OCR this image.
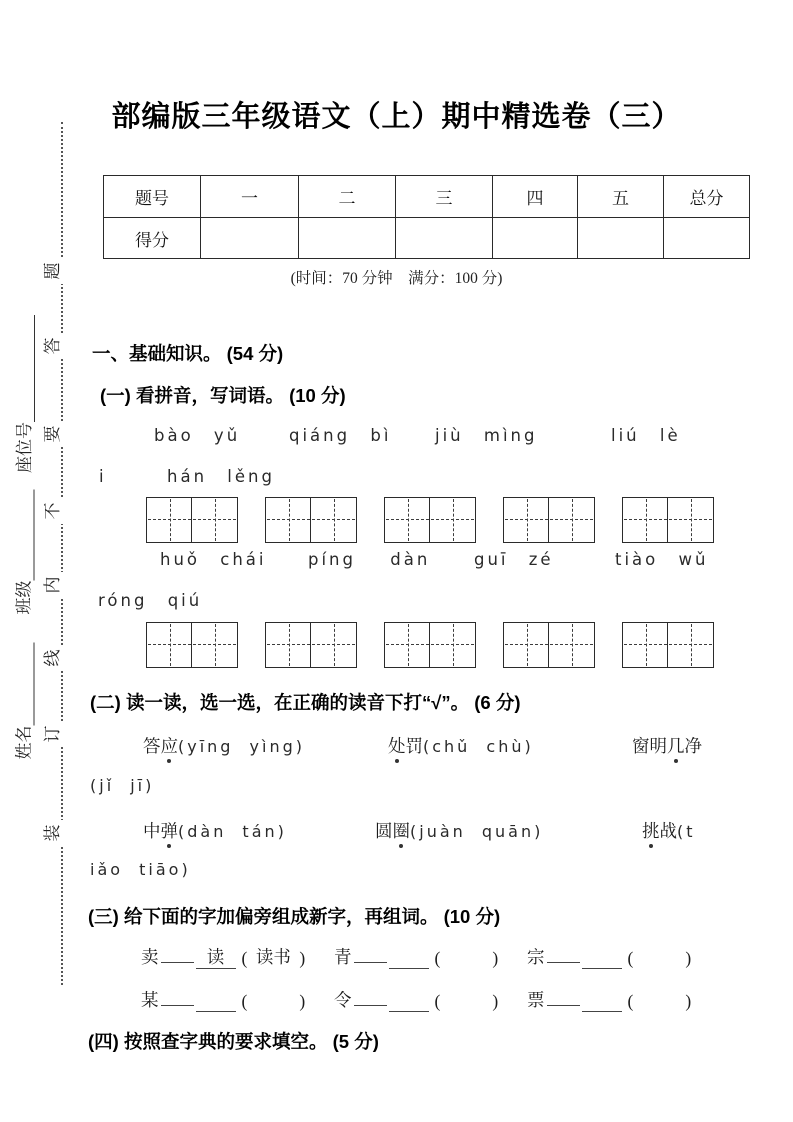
题
答
要
不
内
线
订
装
座位号
班级
姓名
部编版三年级语文（上）期中精选卷（三）
题号	一	二	三	四	五	总分
得分						
(时间：70 分钟　满分：100 分)
一、基础知识。 (54 分)
(一) 看拼音，写词语。 (10 分)
bào yǔ	qiáng bì	jiù mìng	liú lè
i	hán lěng
huǒ chái	píng dàn	guī zé	tiào wǔ
róng qiú
(二) 读一读，选一选，在正确的读音下打“√”。 (6 分)
答应(yīng yìng)	处罚(chǔ chù)	窗明几净
(jǐ jī)
中弹(dàn tán)	圆圈(juàn quān)	挑战(t
iǎo tiāo)
(三) 给下面的字加偏旁组成新字，再组词。 (10 分)
卖	读 ( 读书 ) 青	(	) 宗	(	)
某	(	) 令	(	) 票	(	)
(四) 按照查字典的要求填空。 (5 分)
